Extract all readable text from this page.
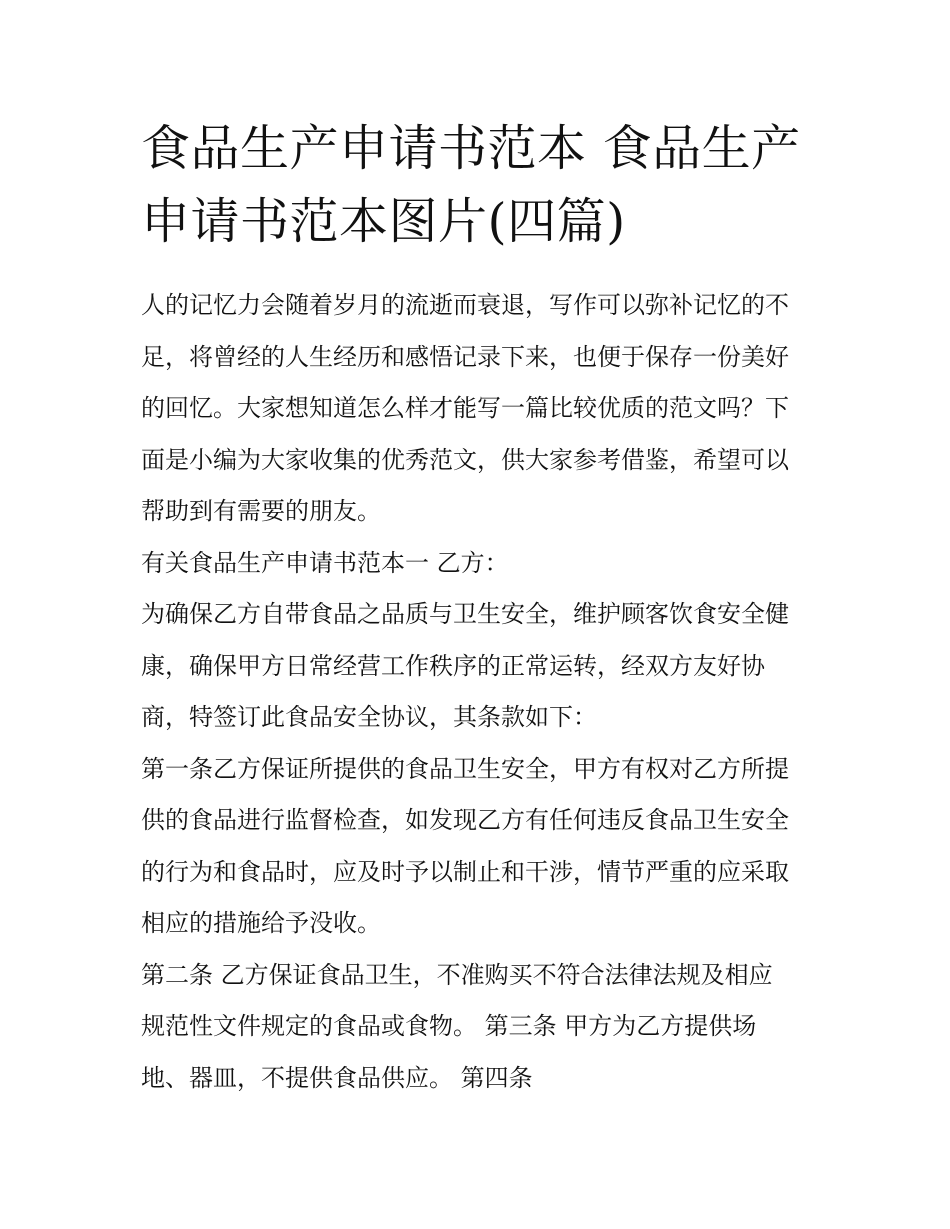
食品生产申请书范本 食品生产
申请书范本图片(四篇)
人的记忆力会随着岁月的流逝而衰退，写作可以弥补记忆的不
足，将曾经的人生经历和感悟记录下来，也便于保存一份美好
的回忆。大家想知道怎么样才能写一篇比较优质的范文吗？下
面是小编为大家收集的优秀范文，供大家参考借鉴，希望可以
帮助到有需要的朋友。
有关食品生产申请书范本一 乙方：
为确保乙方自带食品之品质与卫生安全，维护顾客饮食安全健
康，确保甲方日常经营工作秩序的正常运转，经双方友好协
商，特签订此食品安全协议，其条款如下：
第一条乙方保证所提供的食品卫生安全，甲方有权对乙方所提
供的食品进行监督检查，如发现乙方有任何违反食品卫生安全
的行为和食品时，应及时予以制止和干涉，情节严重的应采取
相应的措施给予没收。
第二条 乙方保证食品卫生，不准购买不符合法律法规及相应
规范性文件规定的食品或食物。 第三条 甲方为乙方提供场
地、器皿，不提供食品供应。 第四条
